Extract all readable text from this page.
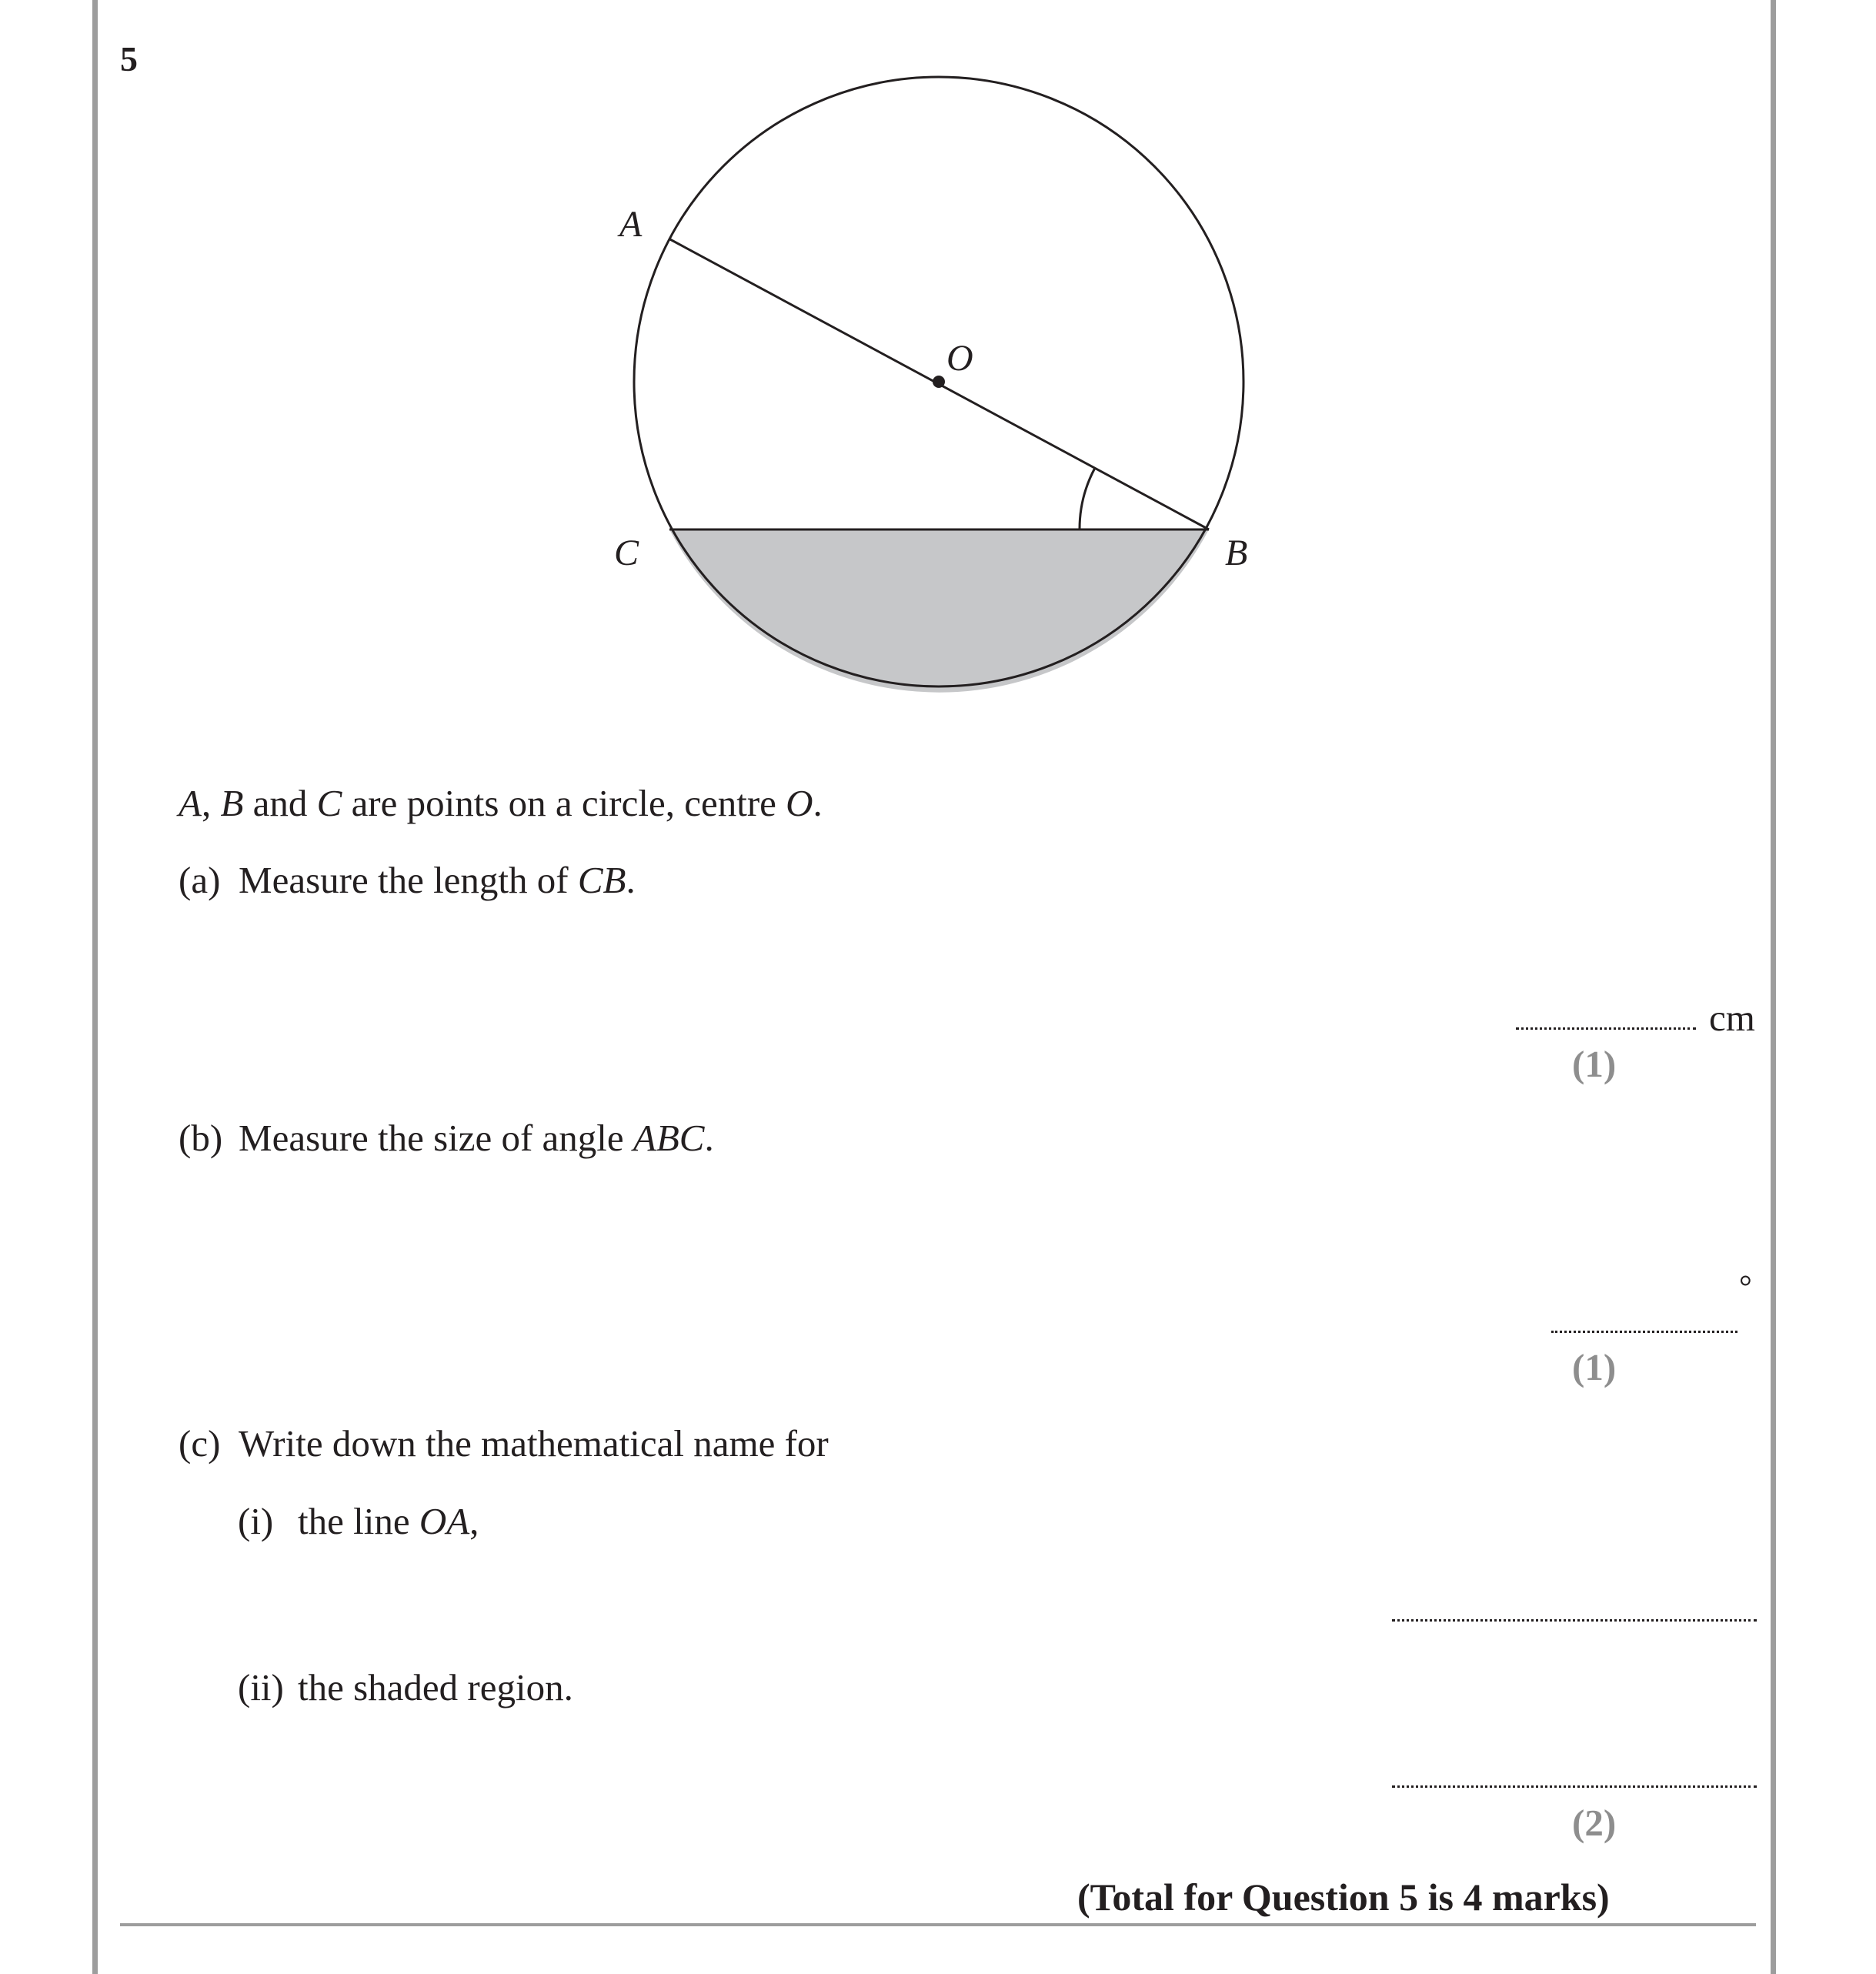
5
A
O
C	B
A, B and C are points on a circle, centre O.
(a) Measure the length of CB.
cm
(1)
(b) Measure the size of angle ABC.
°
(1)
(c) Write down the mathematical name for
(i) the line OA,
(ii) the shaded region.
(2)
(Total for Question 5 is 4 marks)
